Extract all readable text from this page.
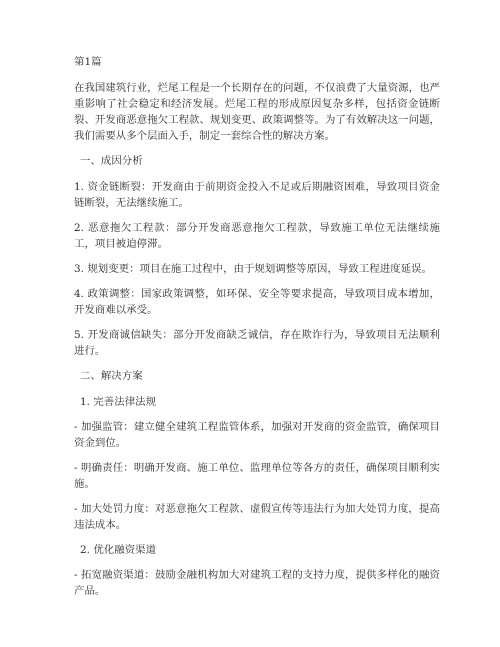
第1篇

在我国建筑行业，烂尾工程是一个长期存在的问题，不仅浪费了大量资源，也严重影响了社会稳定和经济发展。烂尾工程的形成原因复杂多样，包括资金链断裂、开发商恶意拖欠工程款、规划变更、政策调整等。为了有效解决这一问题，我们需要从多个层面入手，制定一套综合性的解决方案。

一、成因分析

1. 资金链断裂：开发商由于前期资金投入不足或后期融资困难，导致项目资金链断裂，无法继续施工。

2. 恶意拖欠工程款：部分开发商恶意拖欠工程款，导致施工单位无法继续施工，项目被迫停滞。

3. 规划变更：项目在施工过程中，由于规划调整等原因，导致工程进度延误。

4. 政策调整：国家政策调整，如环保、安全等要求提高，导致项目成本增加，开发商难以承受。

5. 开发商诚信缺失：部分开发商缺乏诚信，存在欺诈行为，导致项目无法顺利进行。

二、解决方案

1. 完善法律法规

- 加强监管：建立健全建筑工程监管体系，加强对开发商的资金监管，确保项目资金到位。

- 明确责任：明确开发商、施工单位、监理单位等各方的责任，确保项目顺利实施。

- 加大处罚力度：对恶意拖欠工程款、虚假宣传等违法行为加大处罚力度，提高违法成本。

2. 优化融资渠道

- 拓宽融资渠道：鼓励金融机构加大对建筑工程的支持力度，提供多样化的融资产品。
